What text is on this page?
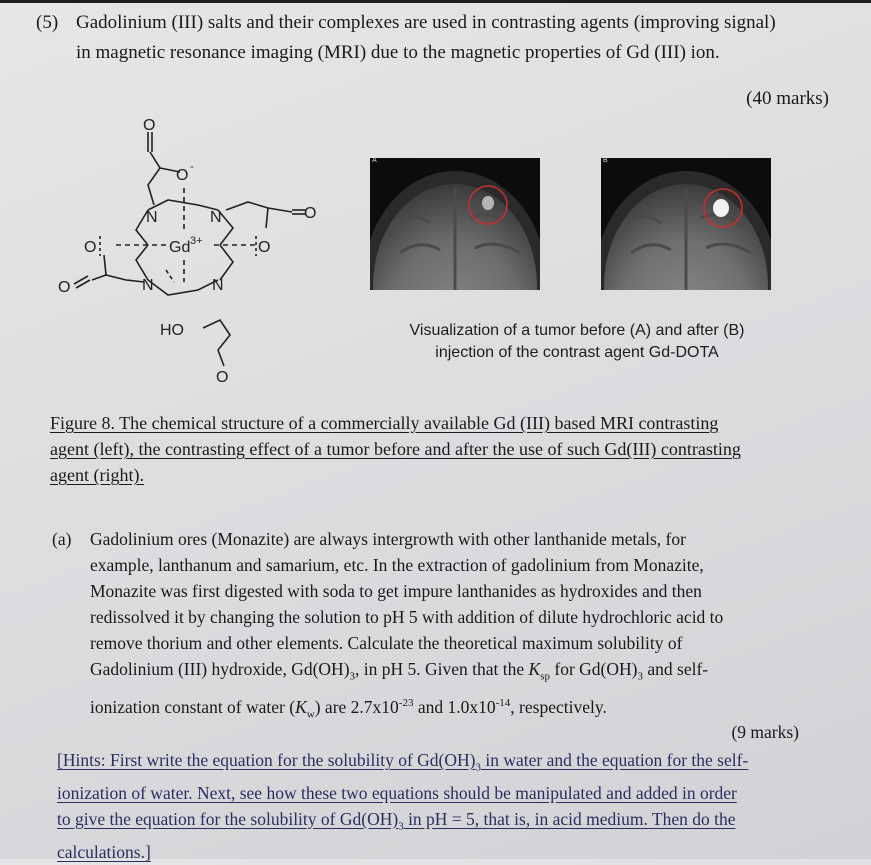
(5) Gadolinium (III) salts and their complexes are used in contrasting agents (improving signal)
in magnetic resonance imaging (MRI) due to the magnetic properties of Gd (III) ion.
(40 marks)
O
O -
N	N
N	N
Gd 3+
O
O
O
O
HO
O
A	B
Visualization of a tumor before (A) and after (B)
injection of the contrast agent Gd-DOTA
Figure 8. The chemical structure of a commercially available Gd (III) based MRI contrasting
agent (left), the contrasting effect of a tumor before and after the use of such Gd(III) contrasting
agent (right).
(a) Gadolinium ores (Monazite) are always intergrowth with other lanthanide metals, for
example, lanthanum and samarium, etc. In the extraction of gadolinium from Monazite,
Monazite was first digested with soda to get impure lanthanides as hydroxides and then
redissolved it by changing the solution to pH 5 with addition of dilute hydrochloric acid to
remove thorium and other elements. Calculate the theoretical maximum solubility of
Gadolinium (III) hydroxide, $Gd(OH)_3$, in pH 5. Given that the $K_{sp}$ for $Gd(OH)_3$ and self-
ionization constant of water $(K_w)$ are $2.7x10^{-23}$ and $1.0x10^{-14}$, respectively.
(9 marks)
[Hints: First write the equation for the solubility of $Gd(OH)_3$ in water and the equation for the self-
ionization of water. Next, see how these two equations should be manipulated and added in order
to give the equation for the solubility of $Gd(OH)_3$ in pH = 5, that is, in acid medium. Then do the
calculations.]
